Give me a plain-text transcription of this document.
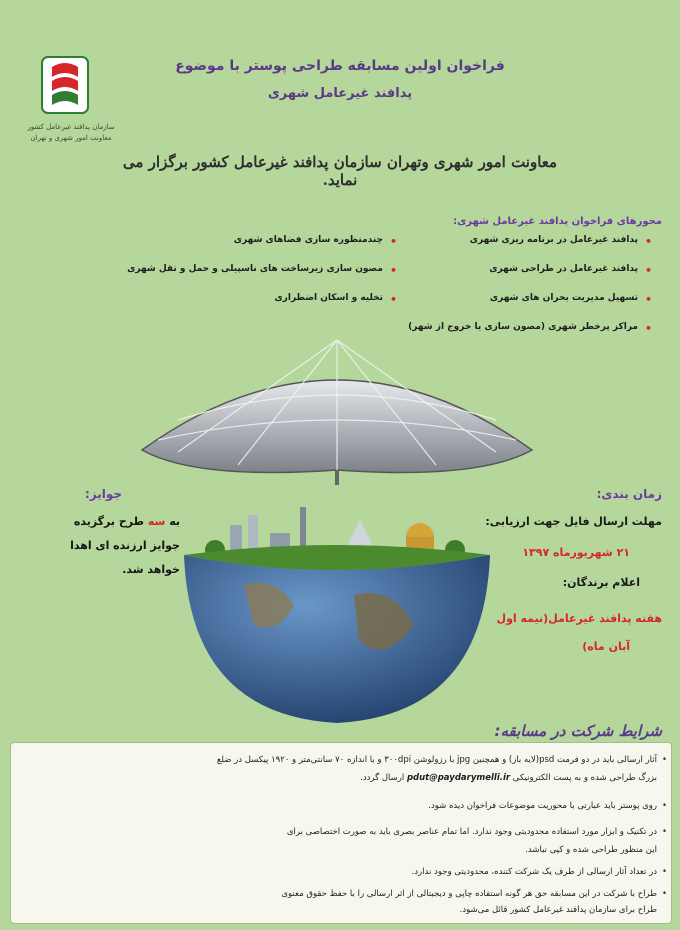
سازمان پدافند غیرعامل کشور
معاونت امور شهری و تهران
فراخوان اولین مسابقه طراحی پوستر با موضوع
پدافند غیرعامل شهری
معاونت امور شهری وتهران سازمان پدافند غیرعامل کشور برگزار می نماید.
محورهای فراخوان پدافند غیرعامل شهری:
•
پدافند غیرعامل در برنامه ریزی شهری
•
پدافند غیرعامل در طراحی شهری
•
تسهیل مدیریت بحران های شهری
•
مراکز پرخطر شهری (مصون سازی یا خروج از شهر)
•
چندمنظوره سازی فضاهای شهری
•
مصون سازی زیرساخت های ناسپیلی و حمل و نقل شهری
•
تخلیه و اسکان اضطراری
جوایز:
به سه طرح برگزیده
جوایز ارزنده ای اهدا
خواهد شد.
زمان بندی:
مهلت ارسال فایل جهت ارزیابی:
۲۱ شهریورماه ۱۳۹۷
اعلام برندگان:
هفته پدافند غیرعامل(نیمه اول
آبان ماه)
شرایط شرکت در مسابقه:
•
آثار ارسالی باید در دو فرمت psd(لایه باز) و همچنین jpg با رزولوشن ۳۰۰dpi و با اندازه ۷۰ سانتی‌متر و ۱۹۲۰ پیکسل در ضلع
بزرگ طراحی شده و به پست الکترونیکی pdut@paydarymelli.ir ارسال گردد.
•
روی پوستر باید عبارتی با محوریت موضوعات فراخوان دیده شود.
•
در تکنیک و ابزار مورد استفاده محدودیتی وجود ندارد. اما تمام عناصر بصری باید به صورت اختصاصی برای
این منظور طراحی شده و کپی نباشد.
•
در تعداد آثار ارسالی از طرف یک شرکت کننده، محدودیتی وجود ندارد.
•
طراح با شرکت در این مسابقه حق هر گونه استفاده چاپی و دیجیتالی از اثر ارسالی را با حفظ حقوق معنوی
طراح برای سازمان پدافند غیرعامل کشور قائل می‌شود.
